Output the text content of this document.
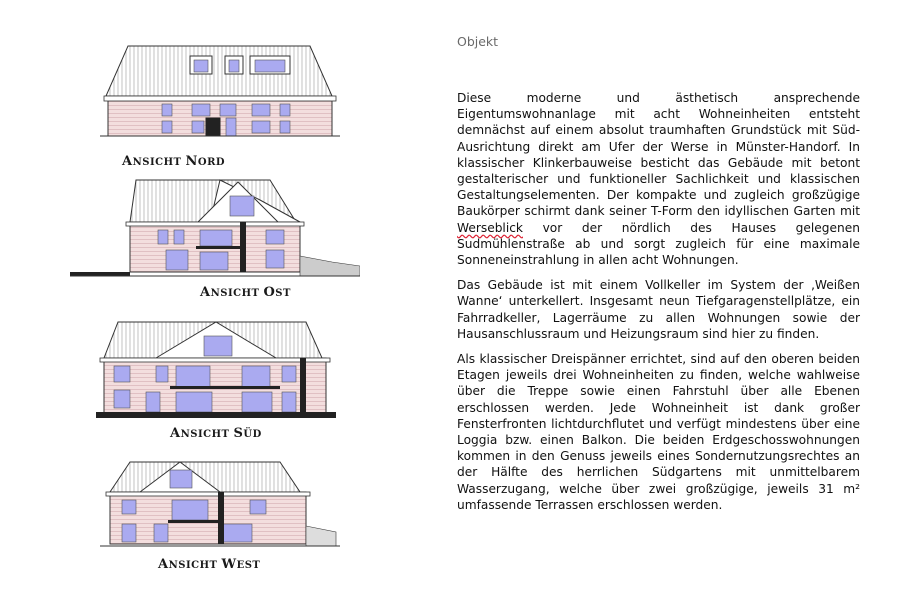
ANSICHT NORD
ANSICHT OST
ANSICHT SÜD
ANSICHT WEST
Objekt

Diese moderne und ästhetisch ansprechende Eigentumswohnanlage mit acht Wohneinheiten entsteht demnächst auf einem absolut traumhaften Grundstück mit Süd-Ausrichtung direkt am Ufer der Werse in Münster-Handorf. In klassischer Klinkerbauweise besticht das Gebäude mit betont gestalterischer und funktioneller Sachlichkeit und klassischen Gestaltungselementen. Der kompakte und zugleich großzügige Baukörper schirmt dank seiner T-Form den idyllischen Garten mit Werseblick vor der nördlich des Hauses gelegenen Sudmühlenstraße ab und sorgt zugleich für eine maximale Sonneneinstrahlung in allen acht Wohnungen.

Das Gebäude ist mit einem Vollkeller im System der ‚Weißen Wanne‘ unterkellert. Insgesamt neun Tiefgaragenstellplätze, ein Fahrradkeller, Lagerräume zu allen Wohnungen sowie der Hausanschlussraum und Heizungsraum sind hier zu finden.

Als klassischer Dreispänner errichtet, sind auf den oberen beiden Etagen jeweils drei Wohneinheiten zu finden, welche wahlweise über die Treppe sowie einen Fahrstuhl über alle Ebenen erschlossen werden. Jede Wohneinheit ist dank großer Fensterfronten lichtdurchflutet und verfügt mindestens über eine Loggia bzw. einen Balkon. Die beiden Erdgeschosswohnungen kommen in den Genuss jeweils eines Sondernutzungsrechtes an der Hälfte des herrlichen Südgartens mit unmittelbarem Wasserzugang, welche über zwei großzügige, jeweils 31 m² umfassende Terrassen erschlossen werden.
